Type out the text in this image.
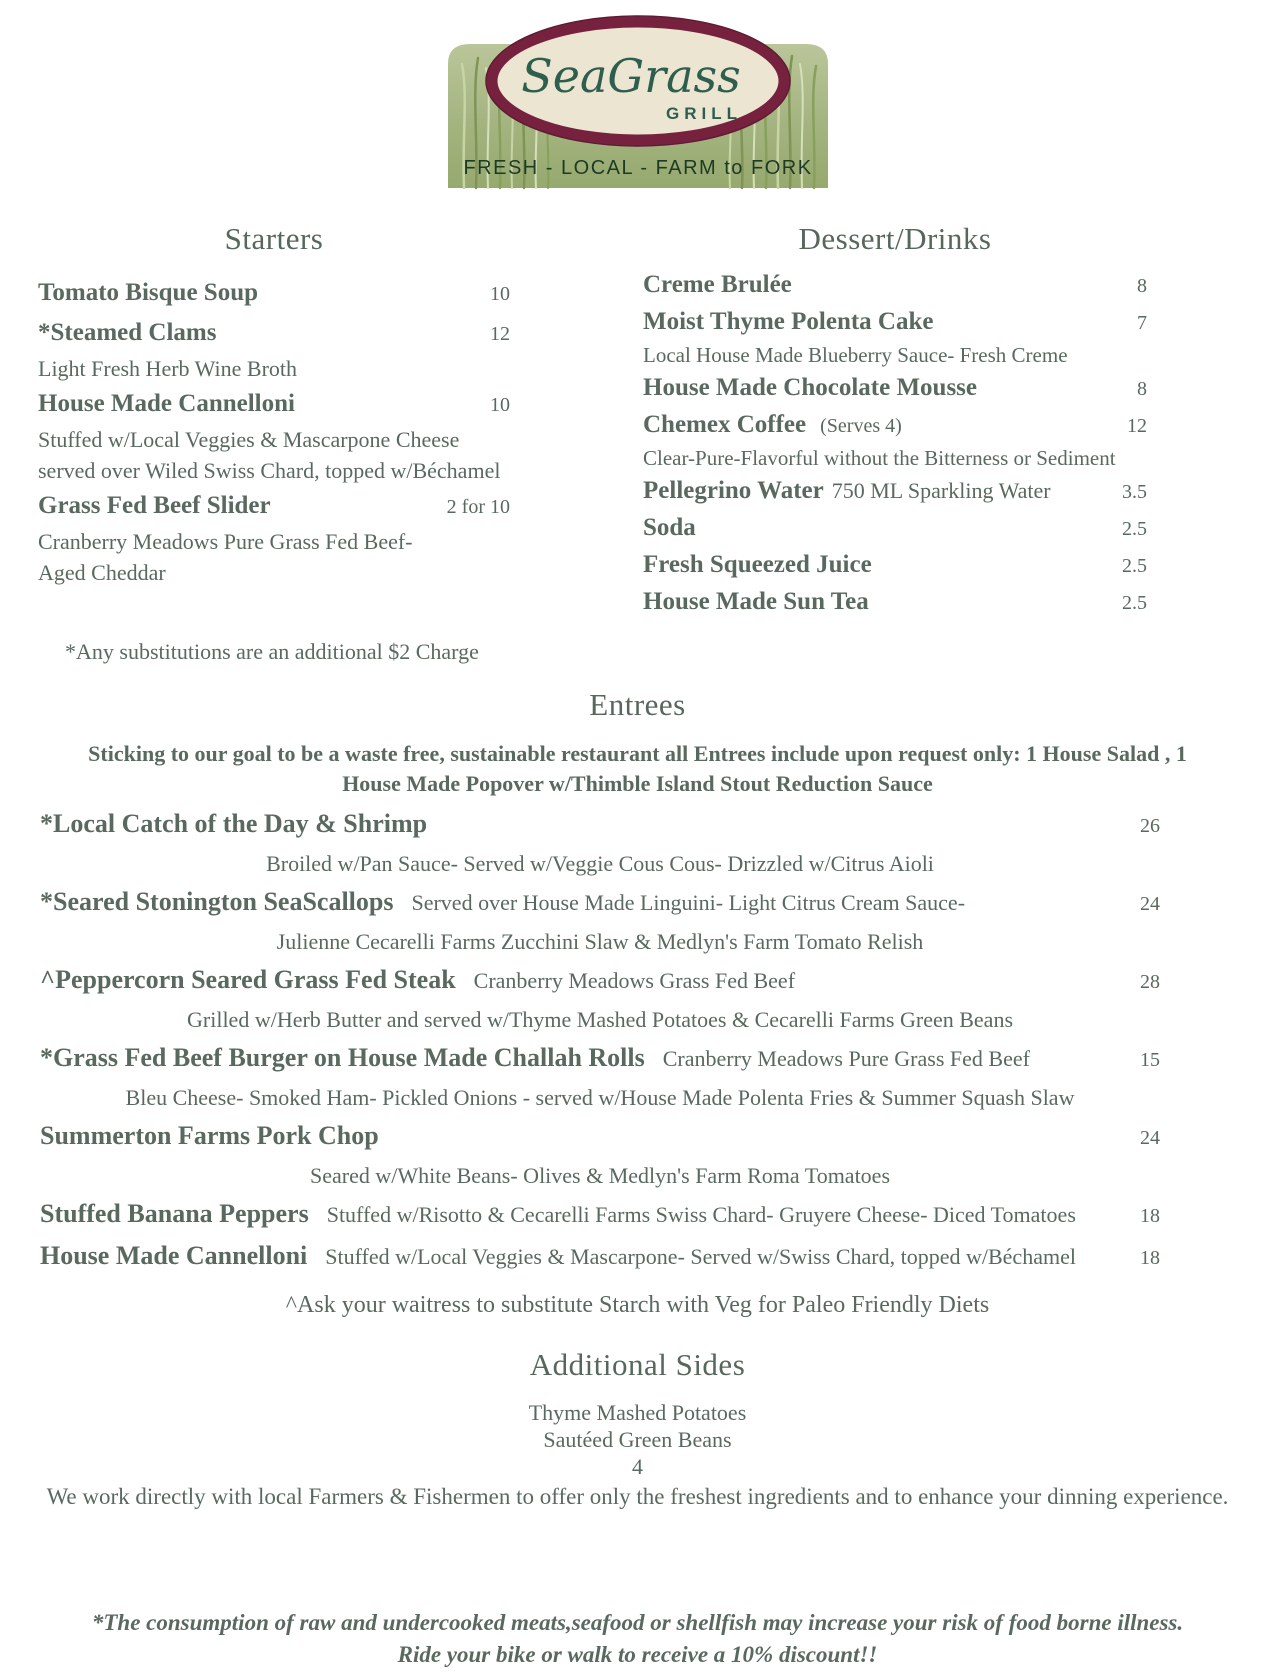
SeaGrass
GRILL
FRESH - LOCAL - FARM to FORK
Starters
Tomato Bisque Soup	10
*Steamed Clams	12
Light Fresh Herb Wine Broth
House Made Cannelloni	10
Stuffed w/Local Veggies & Mascarpone Cheese
served over Wiled Swiss Chard, topped w/Béchamel
Grass Fed Beef Slider	2 for 10
Cranberry Meadows Pure Grass Fed Beef-
Aged Cheddar
Dessert/Drinks
Creme Brulée	8
Moist Thyme Polenta Cake	7
Local House Made Blueberry Sauce- Fresh Creme
House Made Chocolate Mousse	8
Chemex Coffee (Serves 4)	12
Clear-Pure-Flavorful without the Bitterness or Sediment
Pellegrino Water 750 ML Sparkling Water	3.5
Soda	2.5
Fresh Squeezed Juice	2.5
House Made Sun Tea	2.5

*Any substitutions are an additional $2 Charge

Entrees

Sticking to our goal to be a waste free, sustainable restaurant all Entrees include upon request only: 1 House Salad , 1 House Made Popover w/Thimble Island Stout Reduction Sauce

*Local Catch of the Day & Shrimp	26
Broiled w/Pan Sauce- Served w/Veggie Cous Cous- Drizzled w/Citrus Aioli
*Seared Stonington SeaScallops Served over House Made Linguini- Light Citrus Cream Sauce-	24
Julienne Cecarelli Farms Zucchini Slaw & Medlyn's Farm Tomato Relish
^Peppercorn Seared Grass Fed Steak Cranberry Meadows Grass Fed Beef	28
Grilled w/Herb Butter and served w/Thyme Mashed Potatoes & Cecarelli Farms Green Beans
*Grass Fed Beef Burger on House Made Challah Rolls Cranberry Meadows Pure Grass Fed Beef	15
Bleu Cheese- Smoked Ham- Pickled Onions - served w/House Made Polenta Fries & Summer Squash Slaw
Summerton Farms Pork Chop	24
Seared w/White Beans- Olives & Medlyn's Farm Roma Tomatoes
Stuffed Banana Peppers Stuffed w/Risotto & Cecarelli Farms Swiss Chard- Gruyere Cheese- Diced Tomatoes	18
House Made Cannelloni Stuffed w/Local Veggies & Mascarpone- Served w/Swiss Chard, topped w/Béchamel	18

^Ask your waitress to substitute Starch with Veg for Paleo Friendly Diets

Additional Sides
Thyme Mashed Potatoes
Sautéed Green Beans
4

We work directly with local Farmers & Fishermen to offer only the freshest ingredients and to enhance your dinning experience.

*The consumption of raw and undercooked meats,seafood or shellfish may increase your risk of food borne illness.

Ride your bike or walk to receive a 10% discount!!
